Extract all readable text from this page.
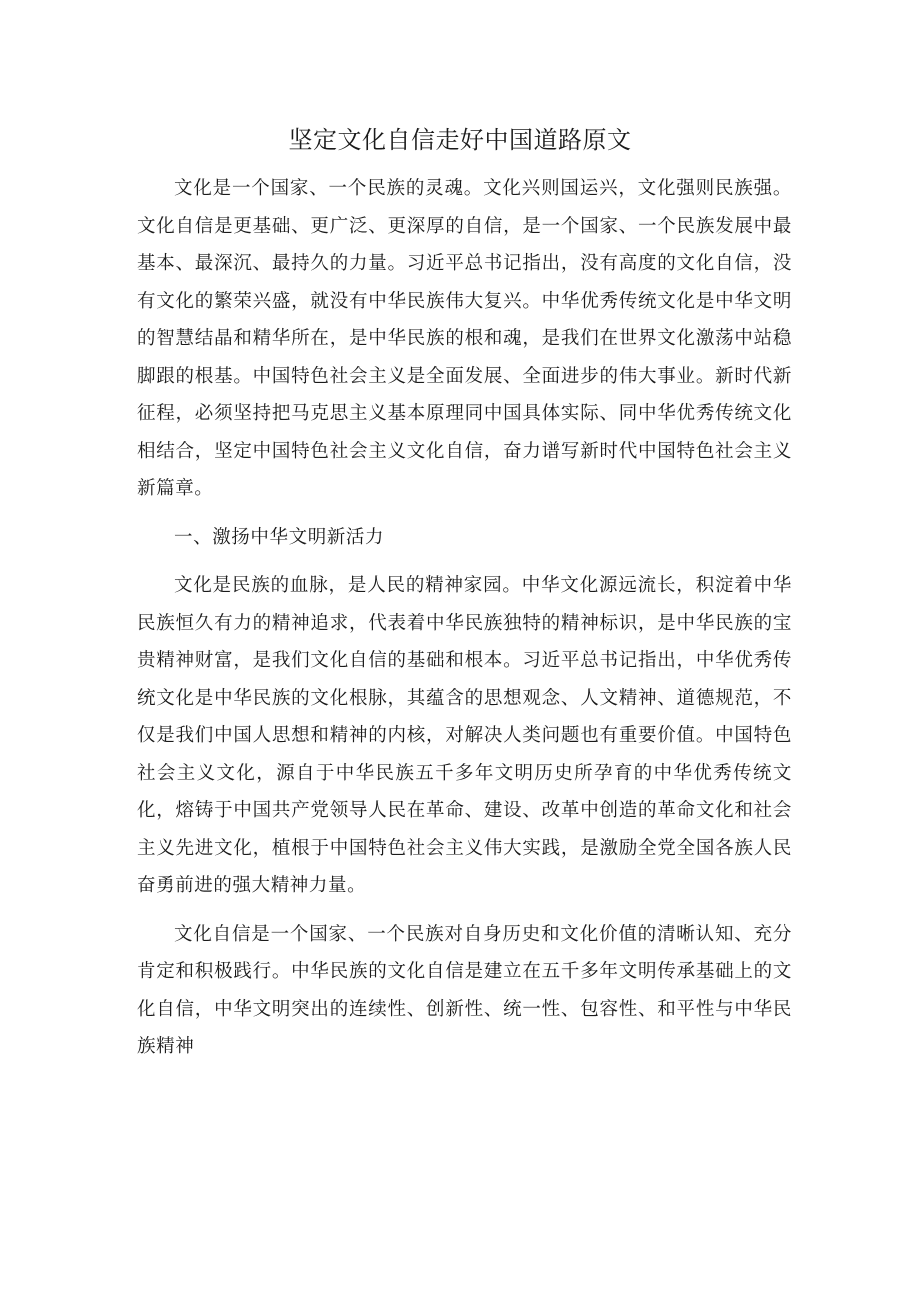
坚定文化自信走好中国道路原文

文化是一个国家、一个民族的灵魂。文化兴则国运兴，文化强则民族强。文化自信是更基础、更广泛、更深厚的自信，是一个国家、一个民族发展中最基本、最深沉、最持久的力量。习近平总书记指出，没有高度的文化自信，没有文化的繁荣兴盛，就没有中华民族伟大复兴。中华优秀传统文化是中华文明的智慧结晶和精华所在，是中华民族的根和魂，是我们在世界文化激荡中站稳脚跟的根基。中国特色社会主义是全面发展、全面进步的伟大事业。新时代新征程，必须坚持把马克思主义基本原理同中国具体实际、同中华优秀传统文化相结合，坚定中国特色社会主义文化自信，奋力谱写新时代中国特色社会主义新篇章。

一、激扬中华文明新活力

文化是民族的血脉，是人民的精神家园。中华文化源远流长，积淀着中华民族恒久有力的精神追求，代表着中华民族独特的精神标识，是中华民族的宝贵精神财富，是我们文化自信的基础和根本。习近平总书记指出，中华优秀传统文化是中华民族的文化根脉，其蕴含的思想观念、人文精神、道德规范，不仅是我们中国人思想和精神的内核，对解决人类问题也有重要价值。中国特色社会主义文化，源自于中华民族五千多年文明历史所孕育的中华优秀传统文化，熔铸于中国共产党领导人民在革命、建设、改革中创造的革命文化和社会主义先进文化，植根于中国特色社会主义伟大实践，是激励全党全国各族人民奋勇前进的强大精神力量。

文化自信是一个国家、一个民族对自身历史和文化价值的清晰认知、充分肯定和积极践行。中华民族的文化自信是建立在五千多年文明传承基础上的文化自信，中华文明突出的连续性、创新性、统一性、包容性、和平性与中华民族精神
